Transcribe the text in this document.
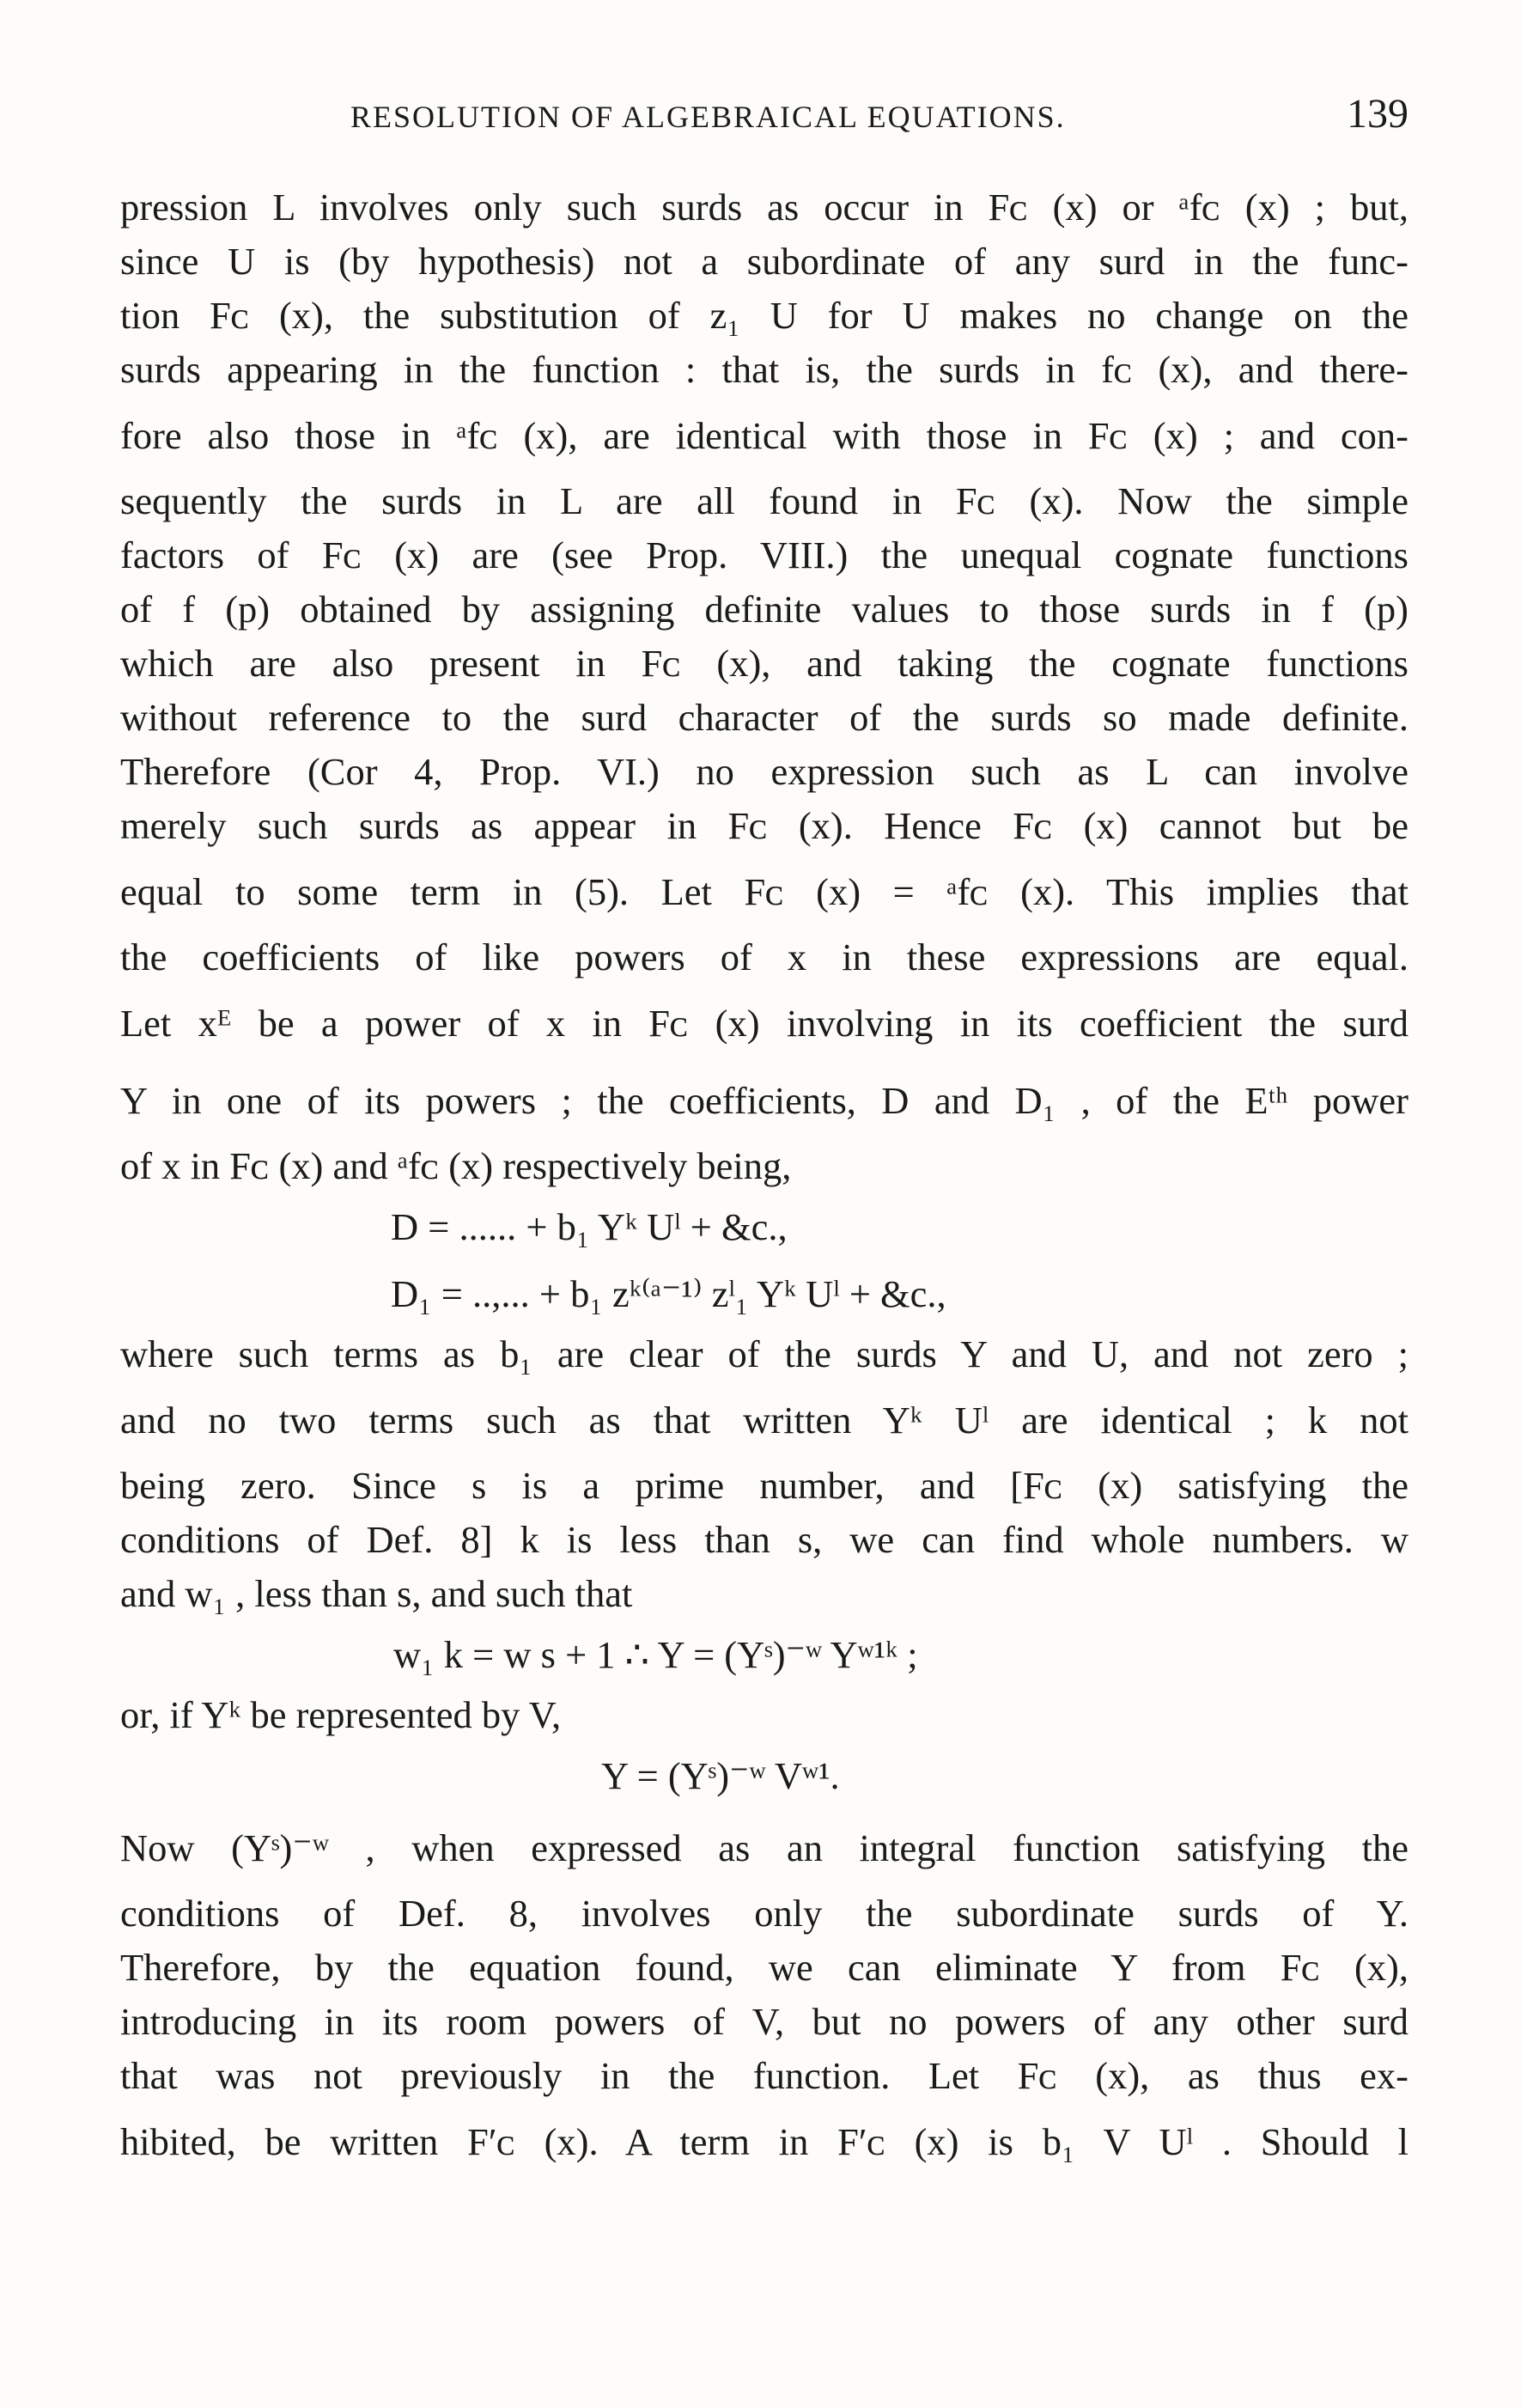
RESOLUTION OF ALGEBRAICAL EQUATIONS.	139
pression L involves only such surds as occur in Fᴄ (x) or ᵃfᴄ (x) ; but,
since U is (by hypothesis) not a subordinate of any surd in the func-
tion Fᴄ (x), the substitution of z₁ U for U makes no change on the
surds appearing in the function : that is, the surds in fᴄ (x), and there-
fore also those in ᵃfᴄ (x), are identical with those in Fᴄ (x) ; and con-
sequently the surds in L are all found in Fᴄ (x). Now the simple
factors of Fᴄ (x) are (see Prop. VIII.) the unequal cognate functions
of f (p) obtained by assigning definite values to those surds in f (p)
which are also present in Fᴄ (x), and taking the cognate functions
without reference to the surd character of the surds so made definite.
Therefore (Cor 4, Prop. VI.) no expression such as L can involve
merely such surds as appear in Fᴄ (x). Hence Fᴄ (x) cannot but be
equal to some term in (5). Let Fᴄ (x) = ᵃfᴄ (x). This implies that
the coefficients of like powers of x in these expressions are equal.
Let xᴱ be a power of x in Fᴄ (x) involving in its coefficient the surd
Y in one of its powers ; the coefficients, D and D₁ , of the Eᵗʰ power
of x in Fᴄ (x) and ᵃfᴄ (x) respectively being,
D = ...... + b₁ Yᵏ Uˡ + &c.,
D₁ = ..,... + b₁ zᵏ⁽ᵃ⁻¹⁾ zˡ₁ Yᵏ Uˡ + &c.,
where such terms as b₁ are clear of the surds Y and U, and not zero ;
and no two terms such as that written Yᵏ Uˡ are identical ; k not
being zero. Since s is a prime number, and [Fᴄ (x) satisfying the
conditions of Def. 8] k is less than s, we can find whole numbers. w
and w₁ , less than s, and such that
w₁ k = w s + 1 ∴ Y = (Yˢ)⁻ʷ Yʷ¹ᵏ ;
or, if Yᵏ be represented by V,
Y = (Yˢ)⁻ʷ Vʷ¹.
Now (Yˢ)⁻ʷ , when expressed as an integral function satisfying the
conditions of Def. 8, involves only the subordinate surds of Y.
Therefore, by the equation found, we can eliminate Y from Fᴄ (x),
introducing in its room powers of V, but no powers of any other surd
that was not previously in the function. Let Fᴄ (x), as thus ex-
hibited, be written F′ᴄ (x). A term in F′ᴄ (x) is b₁ V Uˡ . Should l
